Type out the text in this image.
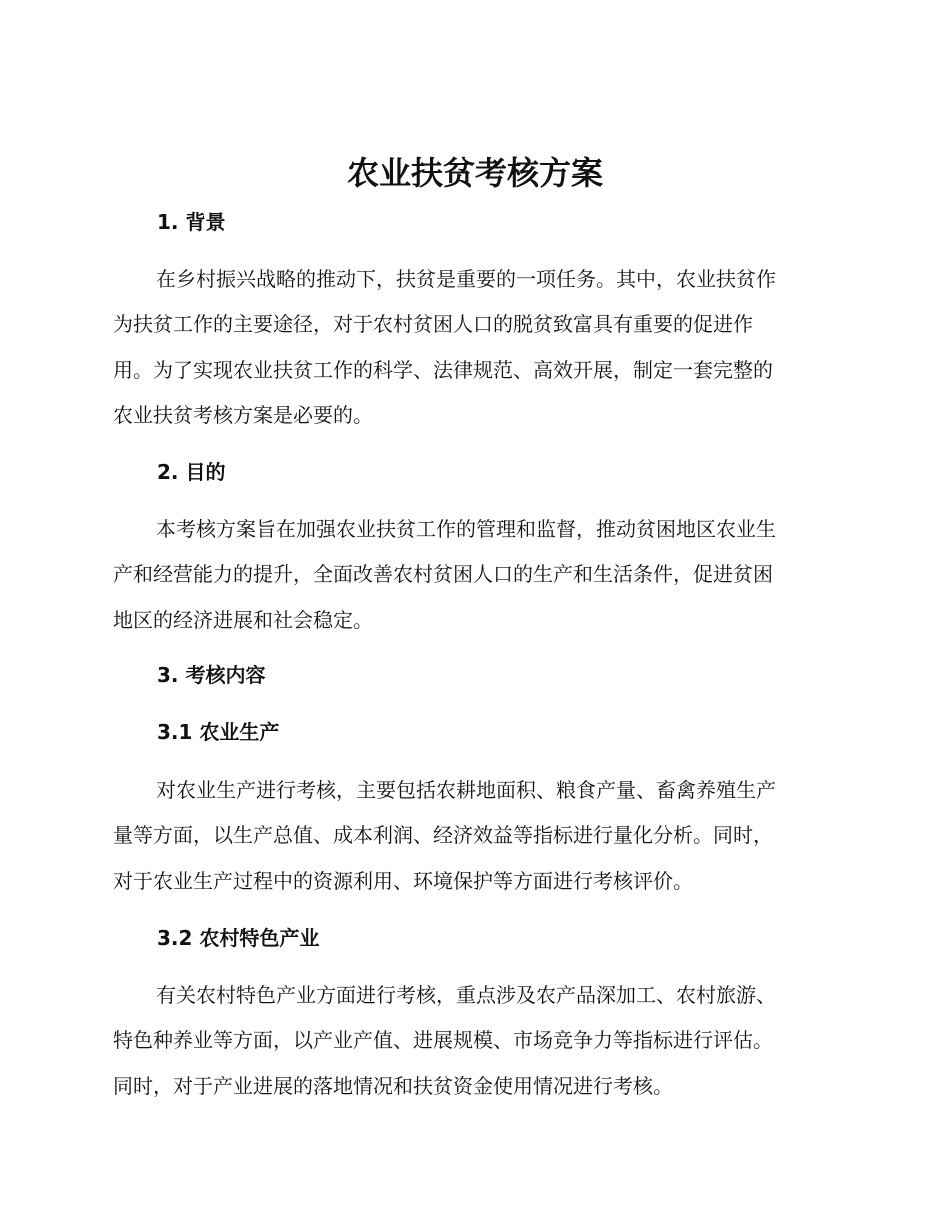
农业扶贫考核方案
1. 背景
在乡村振兴战略的推动下，扶贫是重要的一项任务。其中，农业扶贫作
为扶贫工作的主要途径，对于农村贫困人口的脱贫致富具有重要的促进作
用。为了实现农业扶贫工作的科学、法律规范、高效开展，制定一套完整的
农业扶贫考核方案是必要的。
2. 目的
本考核方案旨在加强农业扶贫工作的管理和监督，推动贫困地区农业生
产和经营能力的提升，全面改善农村贫困人口的生产和生活条件，促进贫困
地区的经济进展和社会稳定。
3. 考核内容
3.1 农业生产
对农业生产进行考核，主要包括农耕地面积、粮食产量、畜禽养殖生产
量等方面，以生产总值、成本利润、经济效益等指标进行量化分析。同时，
对于农业生产过程中的资源利用、环境保护等方面进行考核评价。
3.2 农村特色产业
有关农村特色产业方面进行考核，重点涉及农产品深加工、农村旅游、
特色种养业等方面，以产业产值、进展规模、市场竞争力等指标进行评估。
同时，对于产业进展的落地情况和扶贫资金使用情况进行考核。
